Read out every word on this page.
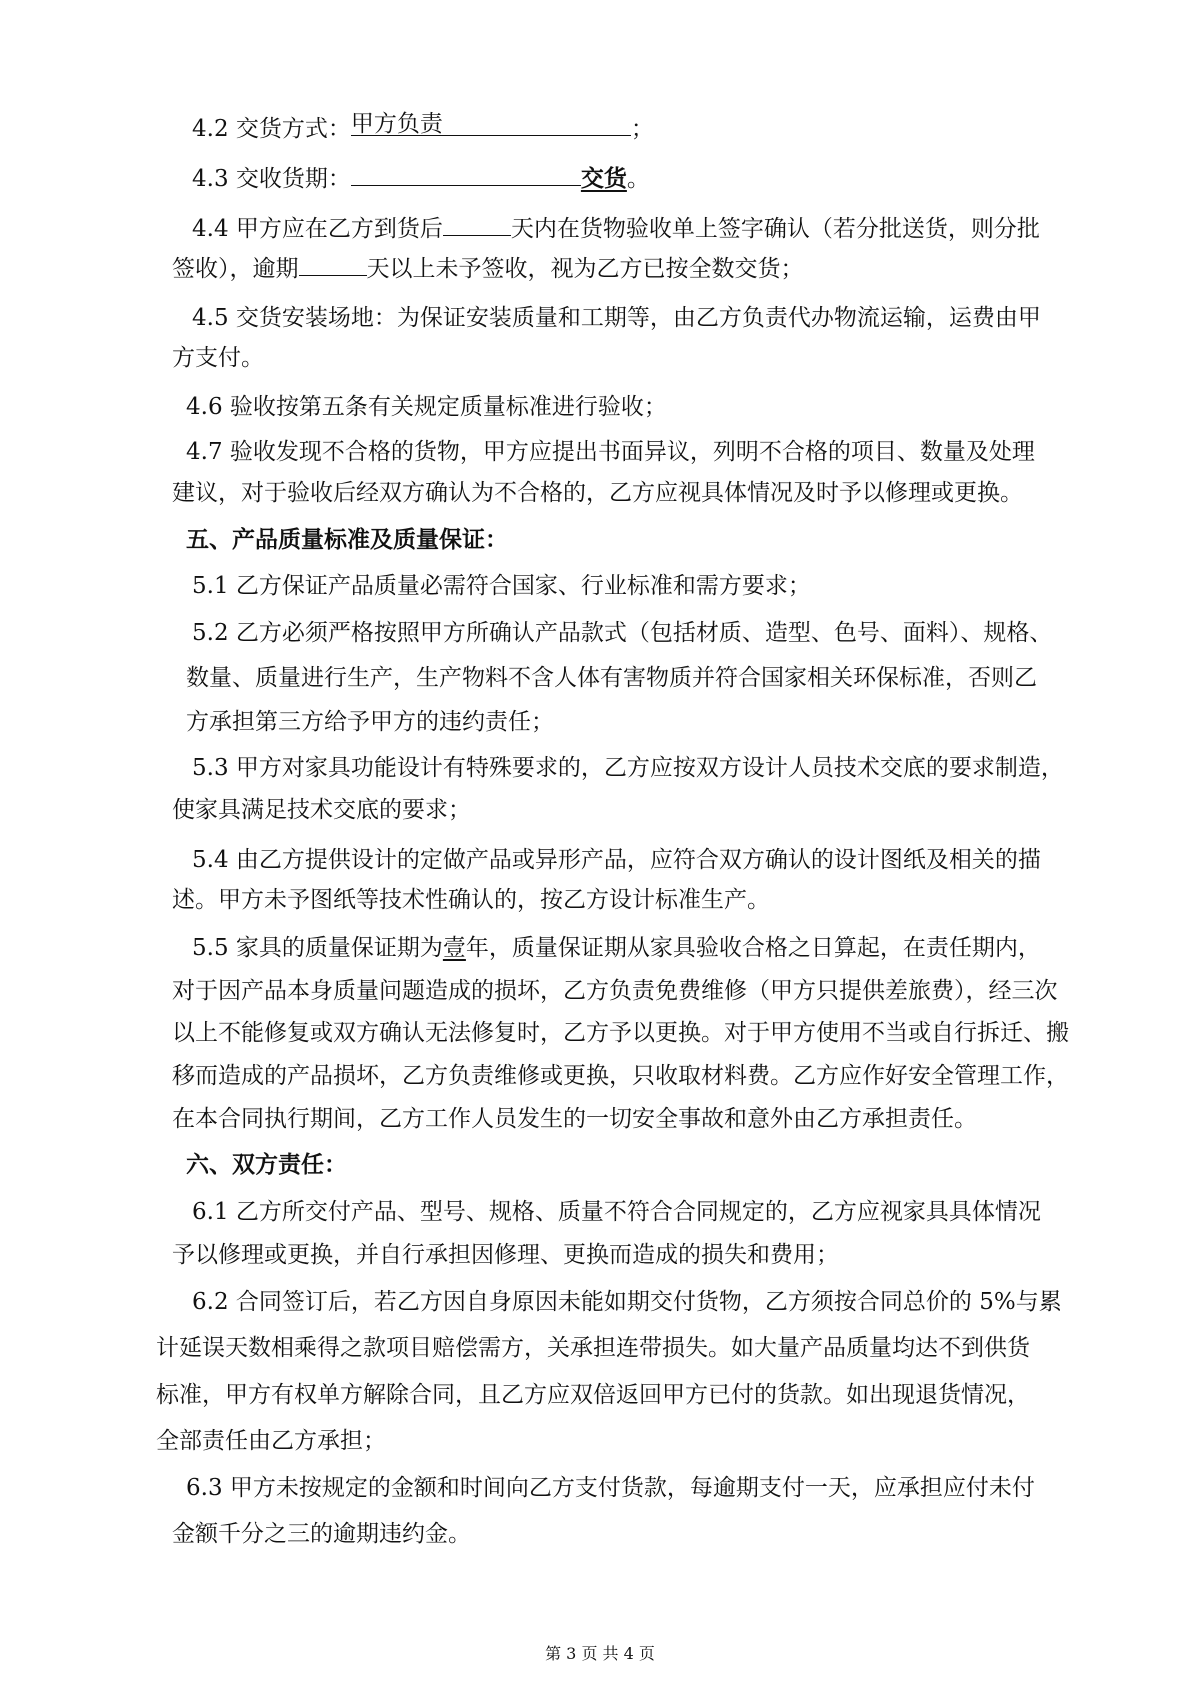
4.2 交货方式： 甲方负责	；
4.3 交收货期：	交货。
4.4 甲方应在乙方到货后	天内在货物验收单上签字确认（若分批送货，则分批
签收），逾期	天以上未予签收，视为乙方已按全数交货；
4.5 交货安装场地：为保证安装质量和工期等，由乙方负责代办物流运输，运费由甲
方支付。
4.6 验收按第五条有关规定质量标准进行验收；
4.7 验收发现不合格的货物，甲方应提出书面异议，列明不合格的项目、数量及处理
建议，对于验收后经双方确认为不合格的，乙方应视具体情况及时予以修理或更换。
五、产品质量标准及质量保证：
5.1 乙方保证产品质量必需符合国家、行业标准和需方要求；
5.2 乙方必须严格按照甲方所确认产品款式（包括材质、造型、色号、面料）、规格、
数量、质量进行生产，生产物料不含人体有害物质并符合国家相关环保标准，否则乙
方承担第三方给予甲方的违约责任；
5.3 甲方对家具功能设计有特殊要求的，乙方应按双方设计人员技术交底的要求制造，
使家具满足技术交底的要求；
5.4 由乙方提供设计的定做产品或异形产品，应符合双方确认的设计图纸及相关的描
述。甲方未予图纸等技术性确认的，按乙方设计标准生产。
5.5 家具的质量保证期为壹年，质量保证期从家具验收合格之日算起，在责任期内，
对于因产品本身质量问题造成的损坏，乙方负责免费维修（甲方只提供差旅费），经三次
以上不能修复或双方确认无法修复时，乙方予以更换。对于甲方使用不当或自行拆迁、搬
移而造成的产品损坏，乙方负责维修或更换，只收取材料费。乙方应作好安全管理工作，
在本合同执行期间，乙方工作人员发生的一切安全事故和意外由乙方承担责任。
六、双方责任：
6.1 乙方所交付产品、型号、规格、质量不符合合同规定的，乙方应视家具具体情况
予以修理或更换，并自行承担因修理、更换而造成的损失和费用；
6.2 合同签订后，若乙方因自身原因未能如期交付货物，乙方须按合同总价的 5%与累
计延误天数相乘得之款项目赔偿需方，关承担连带损失。如大量产品质量均达不到供货
标准，甲方有权单方解除合同，且乙方应双倍返回甲方已付的货款。如出现退货情况，
全部责任由乙方承担；
6.3 甲方未按规定的金额和时间向乙方支付货款，每逾期支付一天，应承担应付未付
金额千分之三的逾期违约金。
第 3 页 共 4 页
